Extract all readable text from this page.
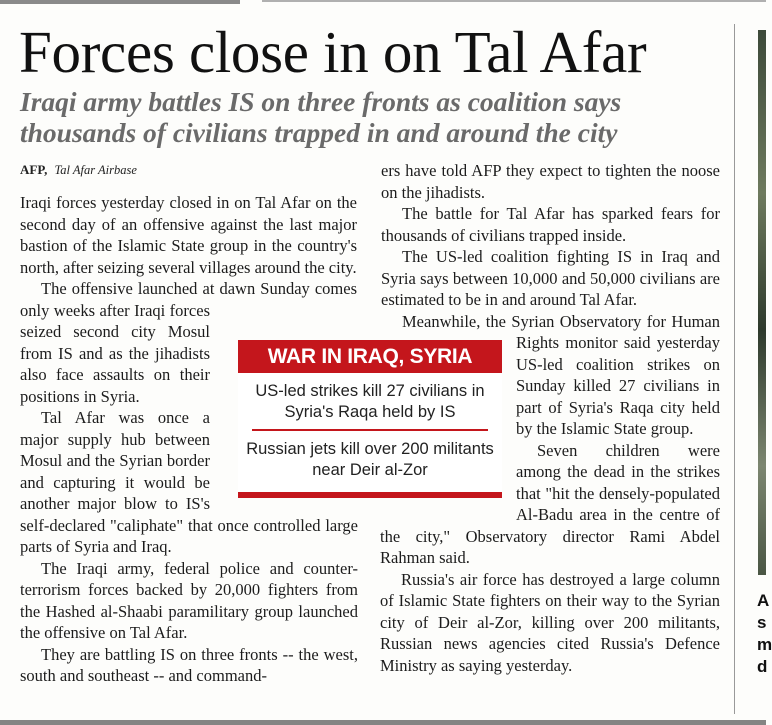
Forces close in on Tal Afar
Iraqi army battles IS on three fronts as coalition says thousands of civilians trapped in and around the city
AFP, Tal Afar Airbase

Iraqi forces yesterday closed in on Tal Afar on the second day of an offensive against the last major bastion of the Islamic State group in the country's north, after seizing several villages around the city.

The offensive launched at dawn Sunday comes only weeks after Iraqi forces seized second city Mosul from IS and as the jihadists also face assaults on their positions in Syria.

Tal Afar was once a major supply hub between Mosul and the Syrian border and capturing it would be another major blow to IS's self-declared "caliphate" that once controlled large parts of Syria and Iraq.

The Iraqi army, federal police and counter-terrorism forces backed by 20,000 fighters from the Hashed al-Shaabi paramilitary group launched the offensive on Tal Afar.

They are battling IS on three fronts -- the west, south and southeast -- and command-

ers have told AFP they expect to tighten the noose on the jihadists.

The battle for Tal Afar has sparked fears for thousands of civilians trapped inside.

The US-led coalition fighting IS in Iraq and Syria says between 10,000 and 50,000 civilians are estimated to be in and around Tal Afar.

Meanwhile, the Syrian Observatory for Human Rights monitor said yesterday US-led coalition strikes on Sunday killed 27 civilians in part of Syria's Raqa city held by the Islamic State group.

Seven children were among the dead in the strikes that "hit the densely-populated Al-Badu area in the centre of the city," Observatory director Rami Abdel Rahman said.

Russia's air force has destroyed a large column of Islamic State fighters on their way to the Syrian city of Deir al-Zor, killing over 200 militants, Russian news agencies cited Russia's Defence Ministry as saying yesterday.

WAR IN IRAQ, SYRIA
US-led strikes kill 27 civilians in Syria's Raqa held by IS
Russian jets kill over 200 militants near Deir al-Zor
A s m d
